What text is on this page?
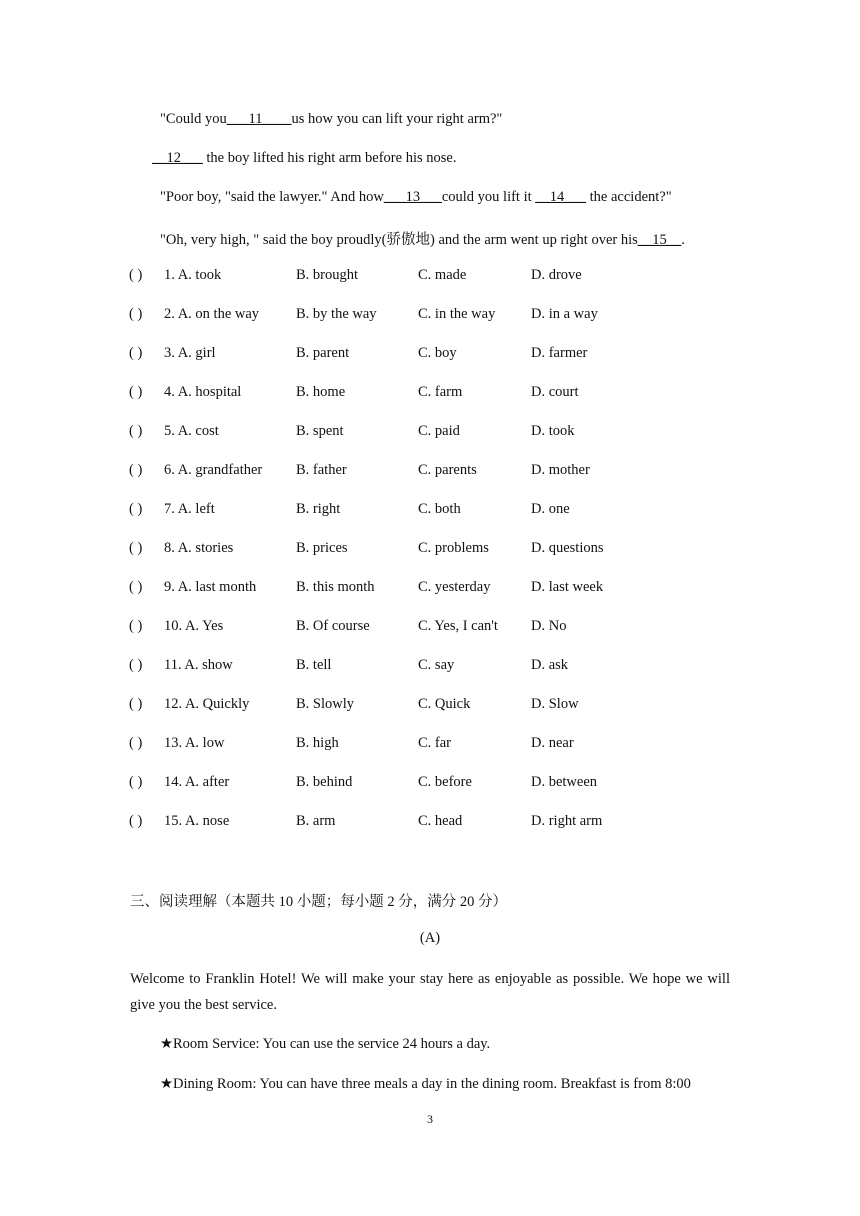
"Could you___11____us how you can lift your right arm?"
__12___ the boy lifted his right arm before his nose.
"Poor boy, "said the lawyer." And how___13___could you lift it __14___ the accident?"
"Oh, very high, " said the boy proudly(骄傲地) and the arm went up right over his__15__.
( ) 1. A. took	B. brought	C. made	D. drove
( ) 2. A. on the way	B. by the way	C. in the way D. in a way
( ) 3. A. girl	B. parent	C. boy	D. farmer
( ) 4. A. hospital	B. home	C. farm	D. court
( ) 5. A. cost	B. spent	C. paid	D. took
( ) 6. A. grandfather B. father	C. parents	D. mother
( ) 7. A. left	B. right	C. both	D. one
( ) 8. A. stories	B. prices	C. problems	D. questions
( ) 9. A. last month	B. this month	C. yesterday	D. last week
( ) 10. A. Yes	B. Of course	C. Yes, I can't D. No
( ) 11. A. show	B. tell	C. say	D. ask
( ) 12. A. Quickly	B. Slowly	C. Quick	D. Slow
( ) 13. A. low	B. high	C. far	D. near
( ) 14. A. after	B. behind	C. before	D. between
( ) 15. A. nose	B. arm	C. head	D. right arm
三、阅读理解（本题共 10 小题；每小题 2 分，满分 20 分）
(A)
Welcome to Franklin Hotel! We will make your stay here as enjoyable as possible. We hope we will give you the best service.
★Room Service: You can use the service 24 hours a day.
★Dining Room: You can have three meals a day in the dining room. Breakfast is from 8:00
3
